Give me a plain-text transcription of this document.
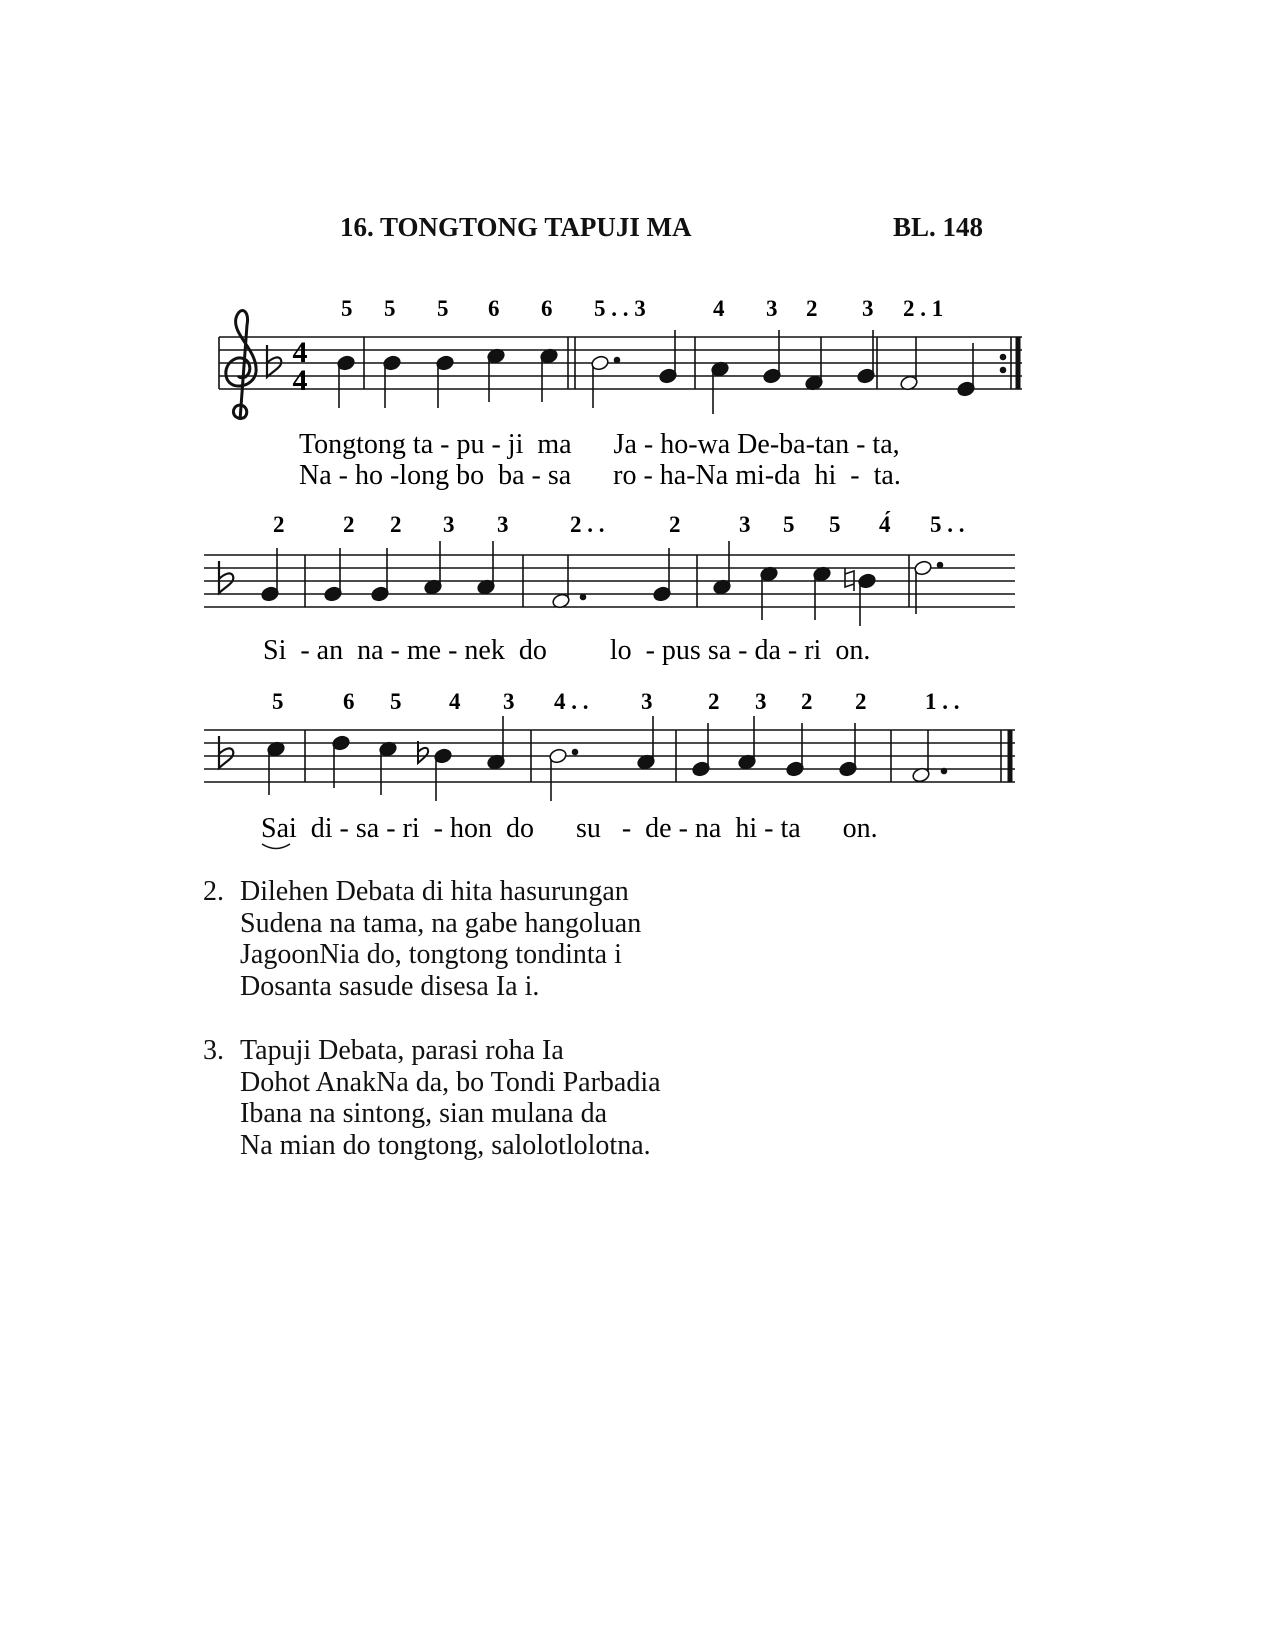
16. TONGTONG TAPUJI MA	BL. 148
5 5 5 6 6 5 . . 3	4 3 2 3 2 . 1
4
4
Tongtong ta - pu - ji  ma      Ja - ho-wa De-ba-tan - ta,
Na - ho -long bo  ba - sa      ro - ha-Na mi-da  hi  -  ta.
2	2 2 3 3	2 . .	2	3 5 5 4́ 5 . .
Si  - an  na - me - nek  do         lo  - pus sa - da - ri  on.
5	6 5 4 3 4 . . 3 2 3 2 2	1 . .
Sai  di - sa - ri  - hon  do      su   -  de - na  hi - ta      on.
2. Dilehen Debata di hita hasurungan
Sudena na tama, na gabe hangoluan
JagoonNia do, tongtong tondinta i
Dosanta sasude disesa Ia i.
3. Tapuji Debata, parasi roha Ia
Dohot AnakNa da, bo Tondi Parbadia
Ibana na sintong, sian mulana da
Na mian do tongtong, salolotlolotna.
